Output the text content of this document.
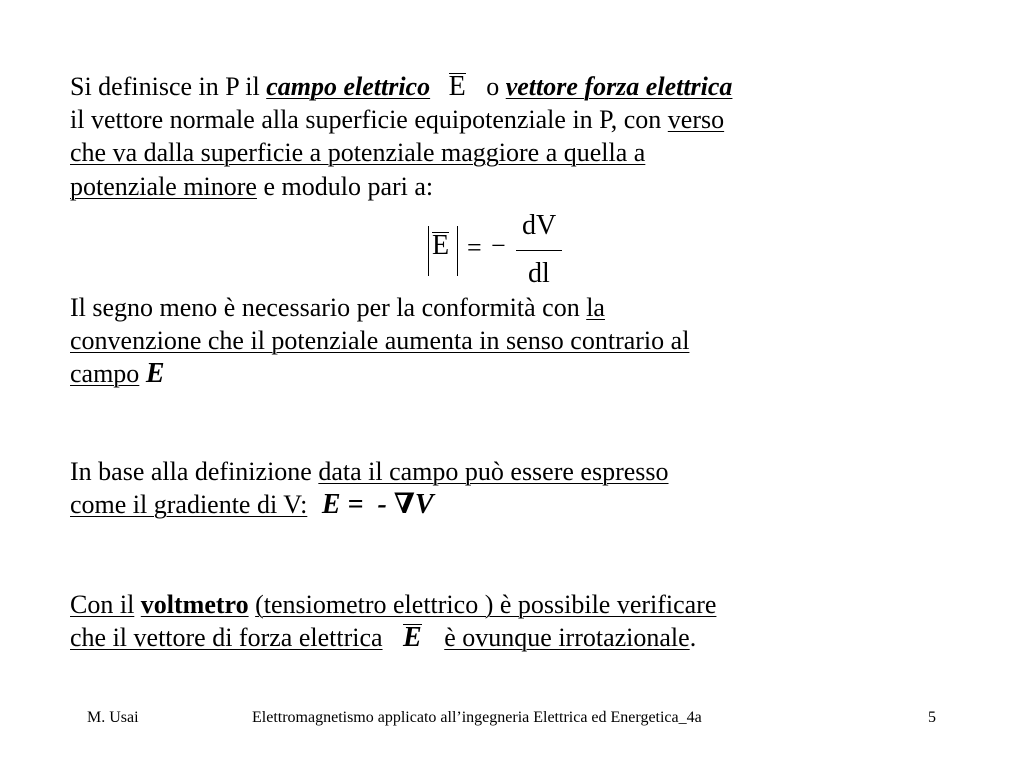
Si definisce in P il campo elettrico E o vettore forza elettrica
il vettore normale alla superficie equipotenziale in P, con verso
che va dalla superficie a potenziale maggiore a quella a
potenziale minore e modulo pari a:
E = −
dV
dl
Il segno meno è necessario per la conformità con la
convenzione che il potenziale aumenta in senso contrario al
campo E
In base alla definizione data il campo può essere espresso
come il gradiente di V: E =  - ∇V
Con il voltmetro (tensiometro elettrico ) è possibile verificare
che il vettore di forza elettrica E è ovunque irrotazionale.
M. Usai	Elettromagnetismo applicato all’ingegneria Elettrica ed Energetica_4a	5
